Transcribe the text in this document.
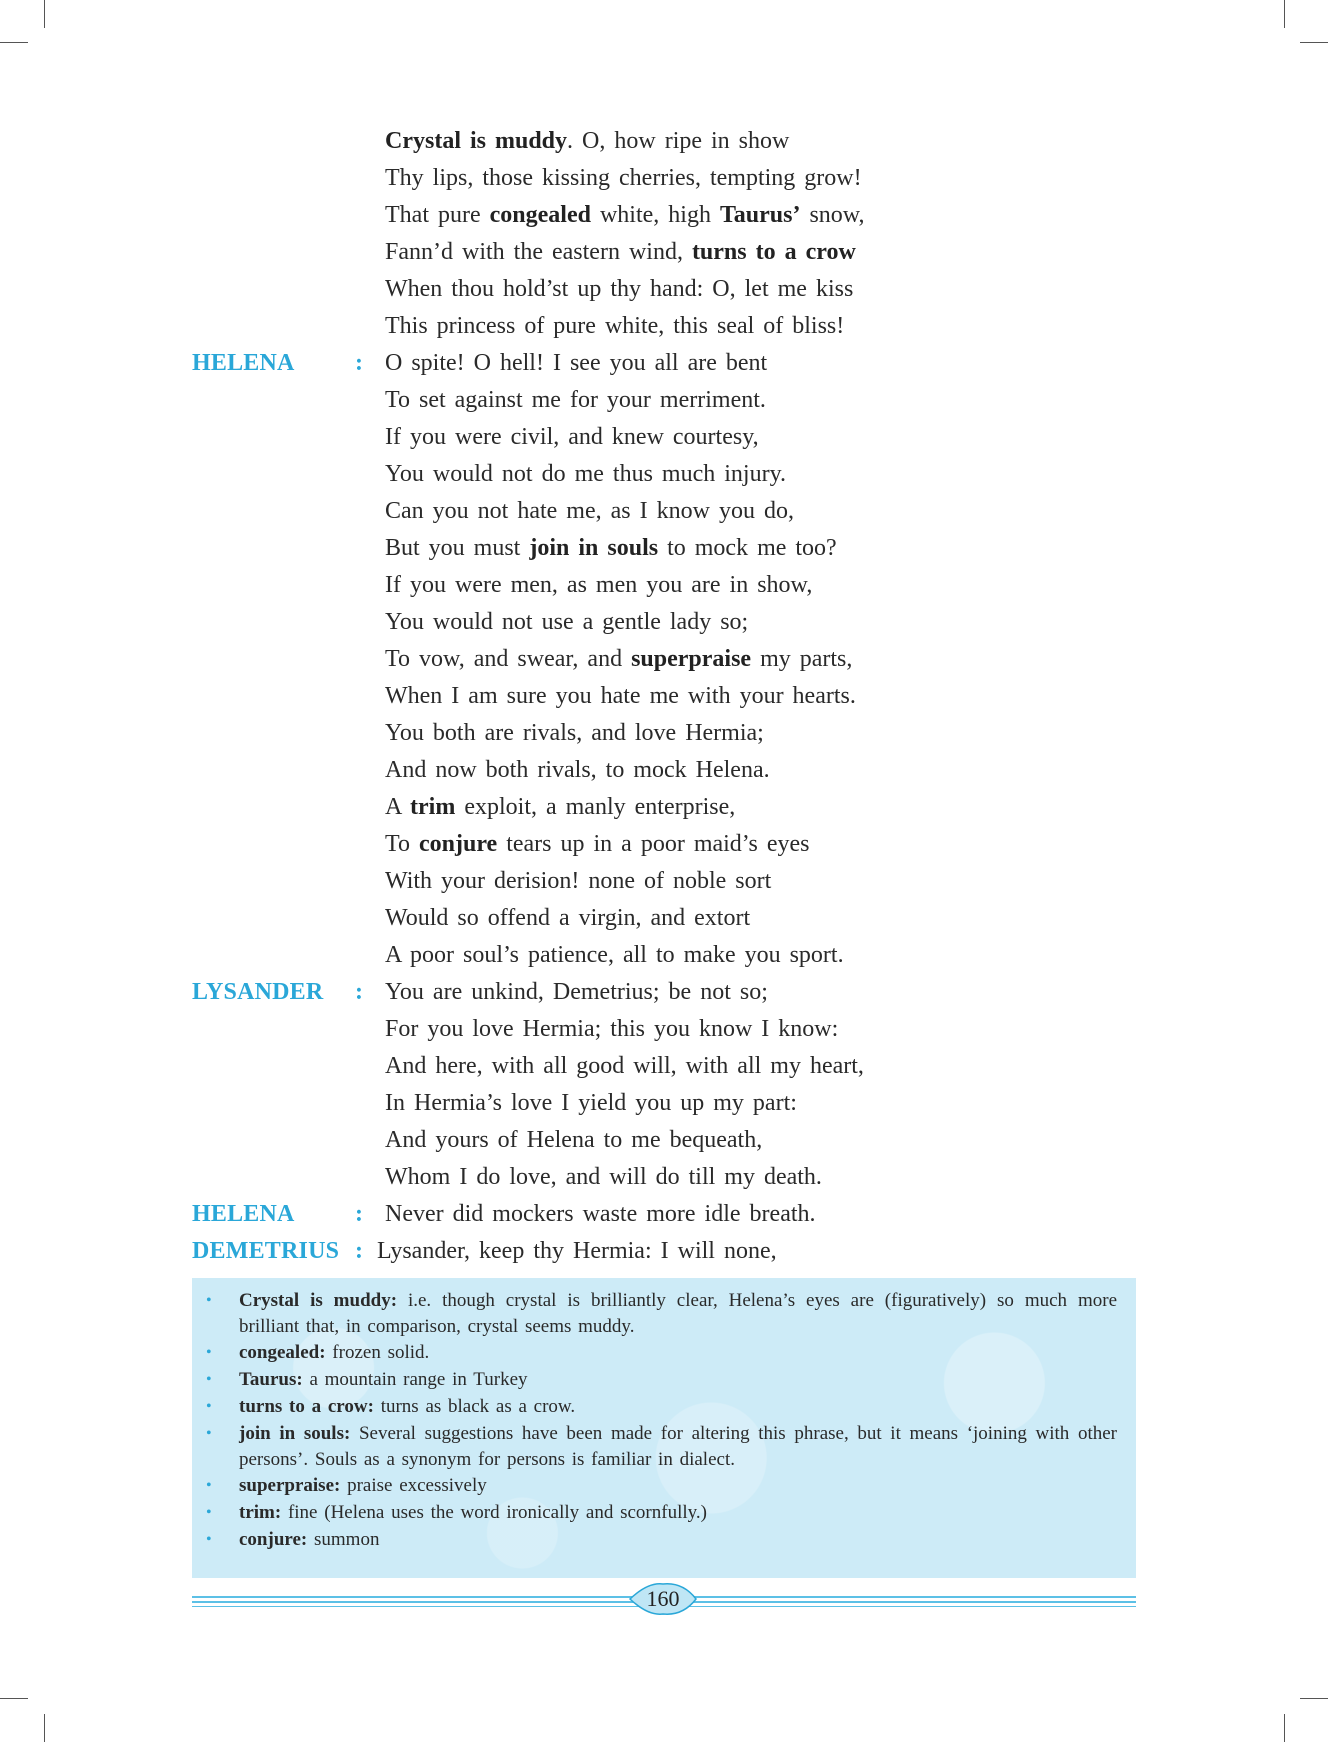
Crystal is muddy. O, how ripe in show
Thy lips, those kissing cherries, tempting grow!
That pure congealed white, high Taurus’ snow,
Fann’d with the eastern wind, turns to a crow
When thou hold’st up thy hand: O, let me kiss
This princess of pure white, this seal of bliss!
HELENA	: O spite! O hell! I see you all are bent
To set against me for your merriment.
If you were civil, and knew courtesy,
You would not do me thus much injury.
Can you not hate me, as I know you do,
But you must join in souls to mock me too?
If you were men, as men you are in show,
You would not use a gentle lady so;
To vow, and swear, and superpraise my parts,
When I am sure you hate me with your hearts.
You both are rivals, and love Hermia;
And now both rivals, to mock Helena.
A trim exploit, a manly enterprise,
To conjure tears up in a poor maid’s eyes
With your derision! none of noble sort
Would so offend a virgin, and extort
A poor soul’s patience, all to make you sport.
LYSANDER : You are unkind, Demetrius; be not so;
For you love Hermia; this you know I know:
And here, with all good will, with all my heart,
In Hermia’s love I yield you up my part:
And yours of Helena to me bequeath,
Whom I do love, and will do till my death.
HELENA	: Never did mockers waste more idle breath.
DEMETRIUS : Lysander, keep thy Hermia: I will none,
• Crystal is muddy: i.e. though crystal is brilliantly clear, Helena’s eyes are (figuratively) so much more brilliant that, in comparison, crystal seems muddy.
• congealed: frozen solid.
• Taurus: a mountain range in Turkey
• turns to a crow: turns as black as a crow.
• join in souls: Several suggestions have been made for altering this phrase, but it means ‘joining with other persons’. Souls as a synonym for persons is familiar in dialect.
• superpraise: praise excessively
• trim: fine (Helena uses the word ironically and scornfully.)
• conjure: summon
160
